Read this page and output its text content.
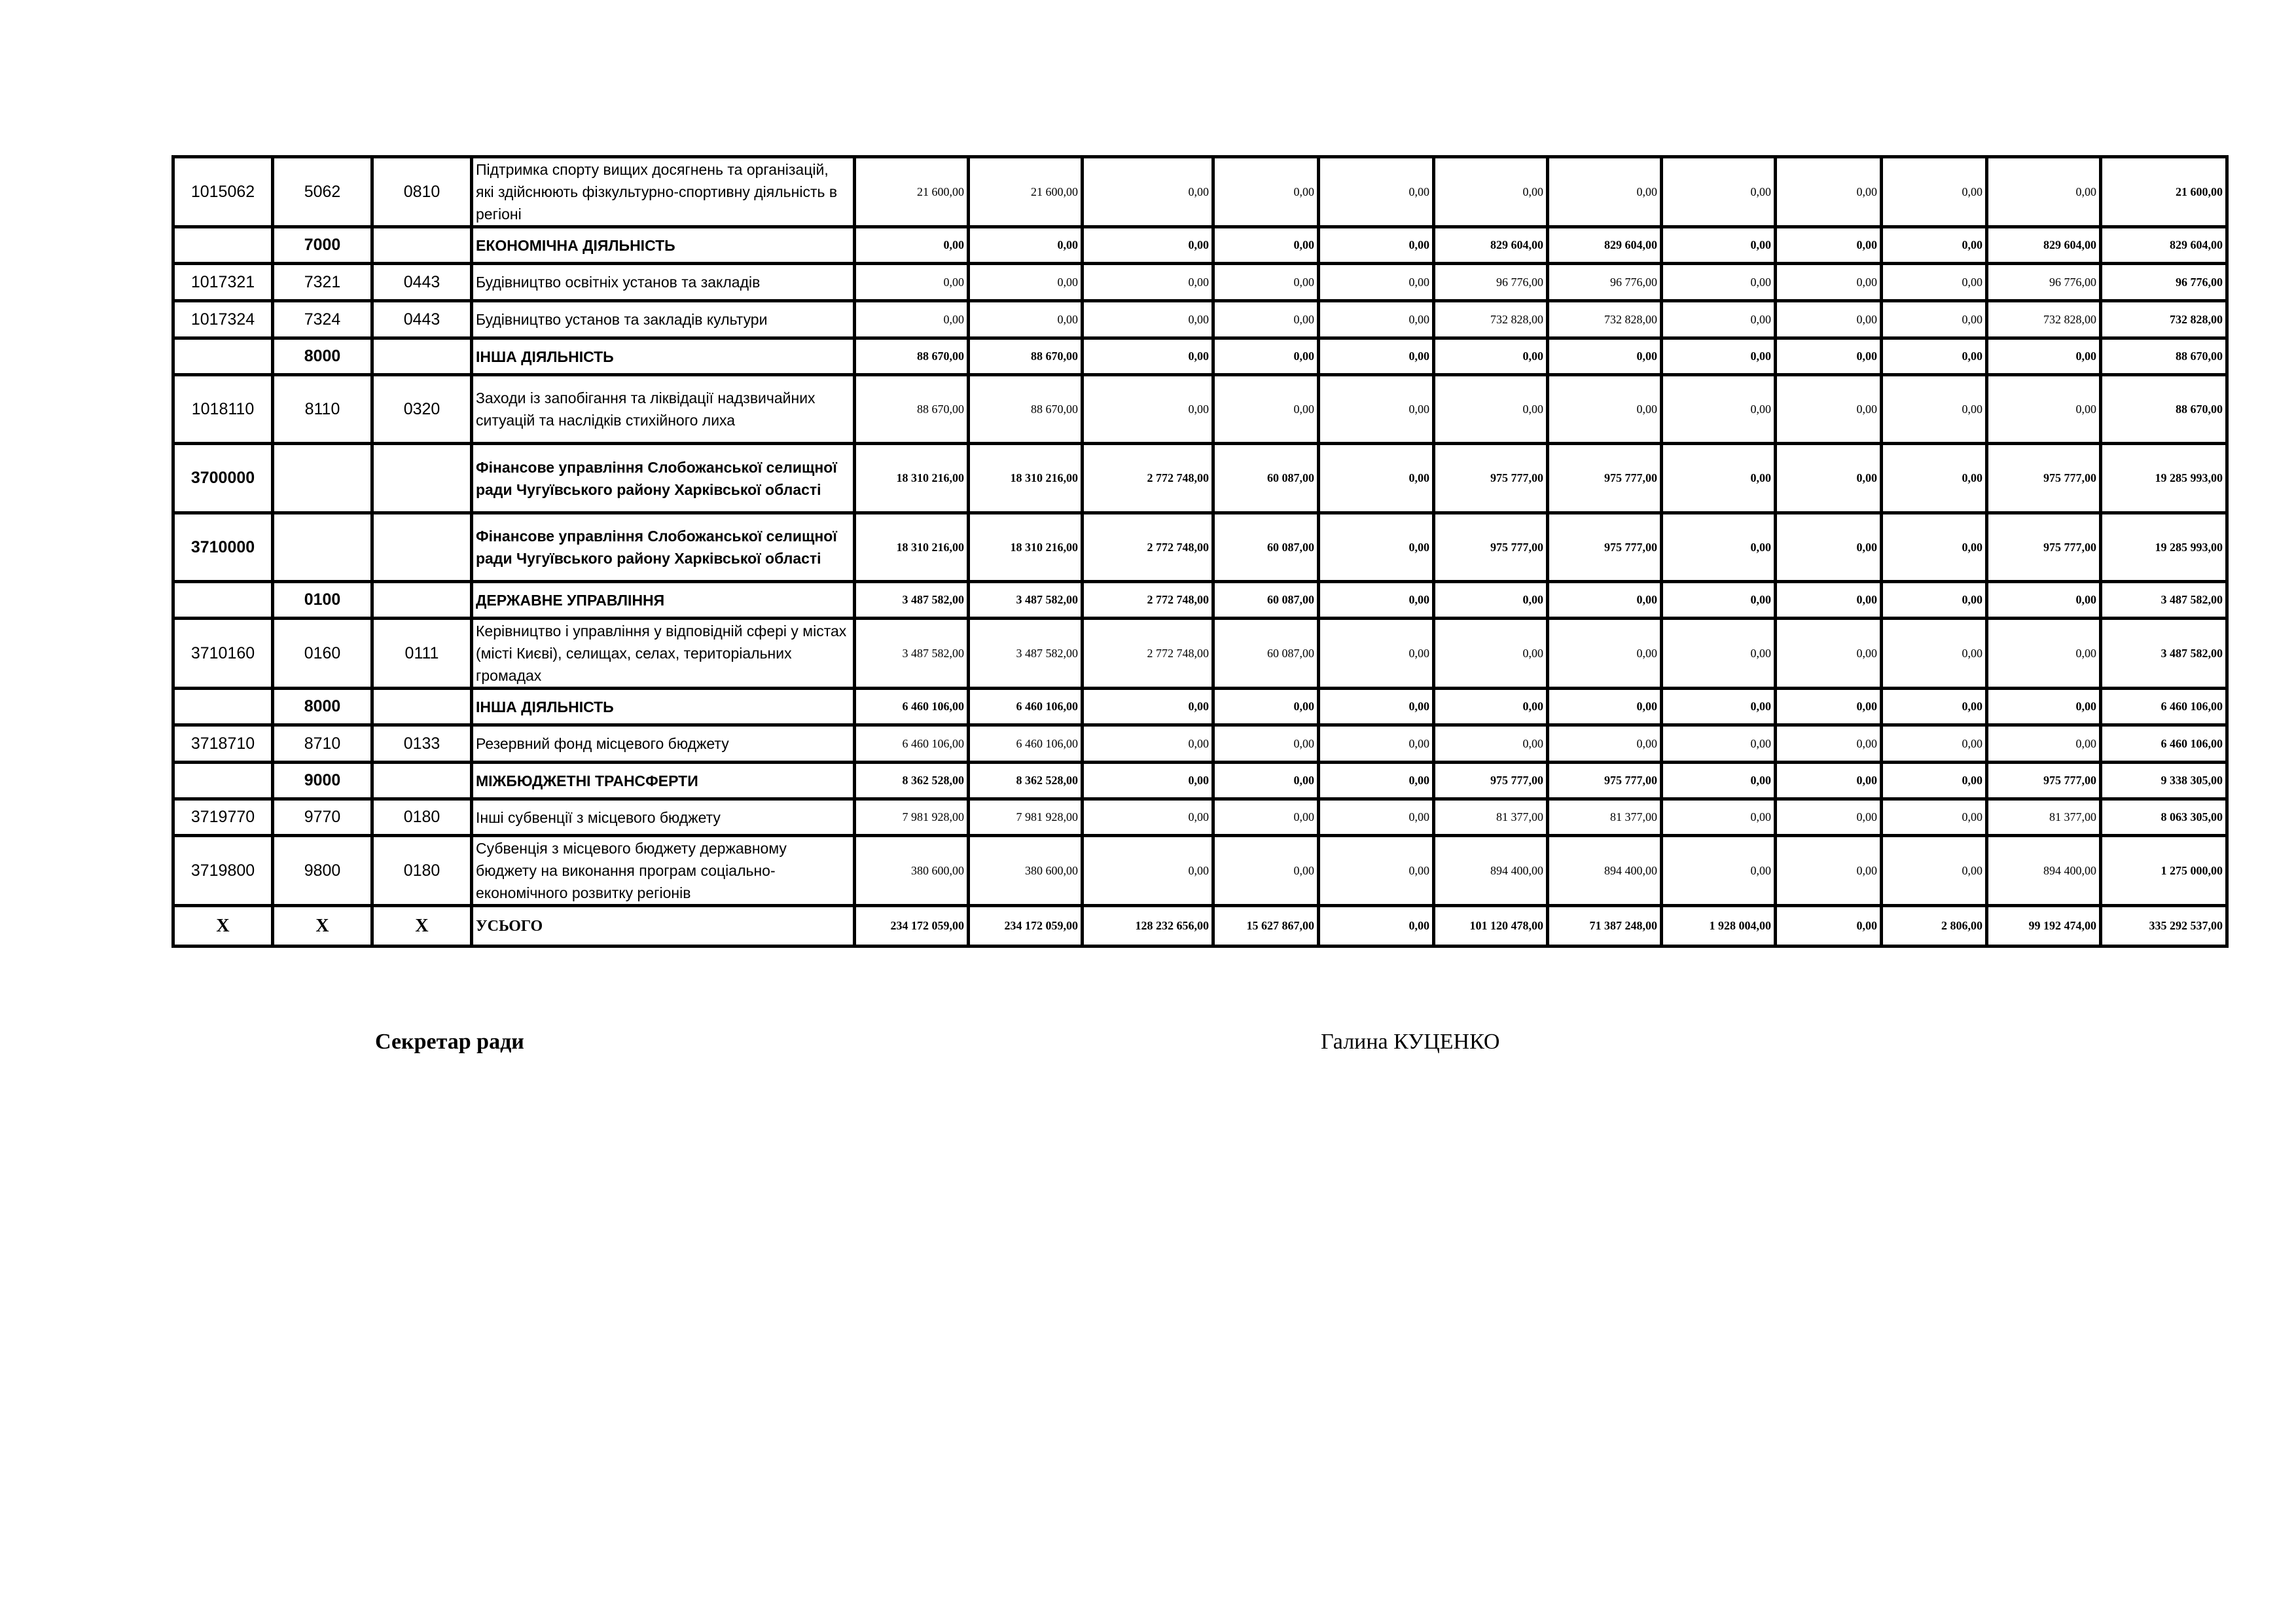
1015062	5062	0810	Підтримка спорту вищих досягнень та організацій, які здійснюють фізкультурно-спортивну діяльність в регіоні	21 600,00	21 600,00	0,00	0,00	0,00	0,00	0,00	0,00	0,00	0,00	0,00	21 600,00
	7000		ЕКОНОМІЧНА ДІЯЛЬНІСТЬ	0,00	0,00	0,00	0,00	0,00	829 604,00	829 604,00	0,00	0,00	0,00	829 604,00	829 604,00
1017321	7321	0443	Будівництво освітніх установ та закладів	0,00	0,00	0,00	0,00	0,00	96 776,00	96 776,00	0,00	0,00	0,00	96 776,00	96 776,00
1017324	7324	0443	Будівництво установ та закладів культури	0,00	0,00	0,00	0,00	0,00	732 828,00	732 828,00	0,00	0,00	0,00	732 828,00	732 828,00
	8000		ІНША ДІЯЛЬНІСТЬ	88 670,00	88 670,00	0,00	0,00	0,00	0,00	0,00	0,00	0,00	0,00	0,00	88 670,00
1018110	8110	0320	Заходи із запобігання та ліквідації надзвичайних ситуацій та наслідків стихійного лиха	88 670,00	88 670,00	0,00	0,00	0,00	0,00	0,00	0,00	0,00	0,00	0,00	88 670,00
3700000			Фінансове управління Слобожанської селищної ради Чугуївського району Харківської області	18 310 216,00	18 310 216,00	2 772 748,00	60 087,00	0,00	975 777,00	975 777,00	0,00	0,00	0,00	975 777,00	19 285 993,00
3710000			Фінансове управління Слобожанської селищної ради Чугуївського району Харківської області	18 310 216,00	18 310 216,00	2 772 748,00	60 087,00	0,00	975 777,00	975 777,00	0,00	0,00	0,00	975 777,00	19 285 993,00
	0100		ДЕРЖАВНЕ УПРАВЛІННЯ	3 487 582,00	3 487 582,00	2 772 748,00	60 087,00	0,00	0,00	0,00	0,00	0,00	0,00	0,00	3 487 582,00
3710160	0160	0111	Керівництво і управління у відповідній сфері у містах (місті Києві), селищах, селах, територіальних громадах	3 487 582,00	3 487 582,00	2 772 748,00	60 087,00	0,00	0,00	0,00	0,00	0,00	0,00	0,00	3 487 582,00
	8000		ІНША ДІЯЛЬНІСТЬ	6 460 106,00	6 460 106,00	0,00	0,00	0,00	0,00	0,00	0,00	0,00	0,00	0,00	6 460 106,00
3718710	8710	0133	Резервний фонд місцевого бюджету	6 460 106,00	6 460 106,00	0,00	0,00	0,00	0,00	0,00	0,00	0,00	0,00	0,00	6 460 106,00
	9000		МІЖБЮДЖЕТНІ ТРАНСФЕРТИ	8 362 528,00	8 362 528,00	0,00	0,00	0,00	975 777,00	975 777,00	0,00	0,00	0,00	975 777,00	9 338 305,00
3719770	9770	0180	Інші субвенції з місцевого бюджету	7 981 928,00	7 981 928,00	0,00	0,00	0,00	81 377,00	81 377,00	0,00	0,00	0,00	81 377,00	8 063 305,00
3719800	9800	0180	Субвенція з місцевого бюджету державному бюджету на виконання програм соціально-економічного розвитку регіонів	380 600,00	380 600,00	0,00	0,00	0,00	894 400,00	894 400,00	0,00	0,00	0,00	894 400,00	1 275 000,00
X	X	X	УСЬОГО	234 172 059,00	234 172 059,00	128 232 656,00	15 627 867,00	0,00	101 120 478,00	71 387 248,00	1 928 004,00	0,00	2 806,00	99 192 474,00	335 292 537,00
Секретар ради	Галина КУЦЕНКО
